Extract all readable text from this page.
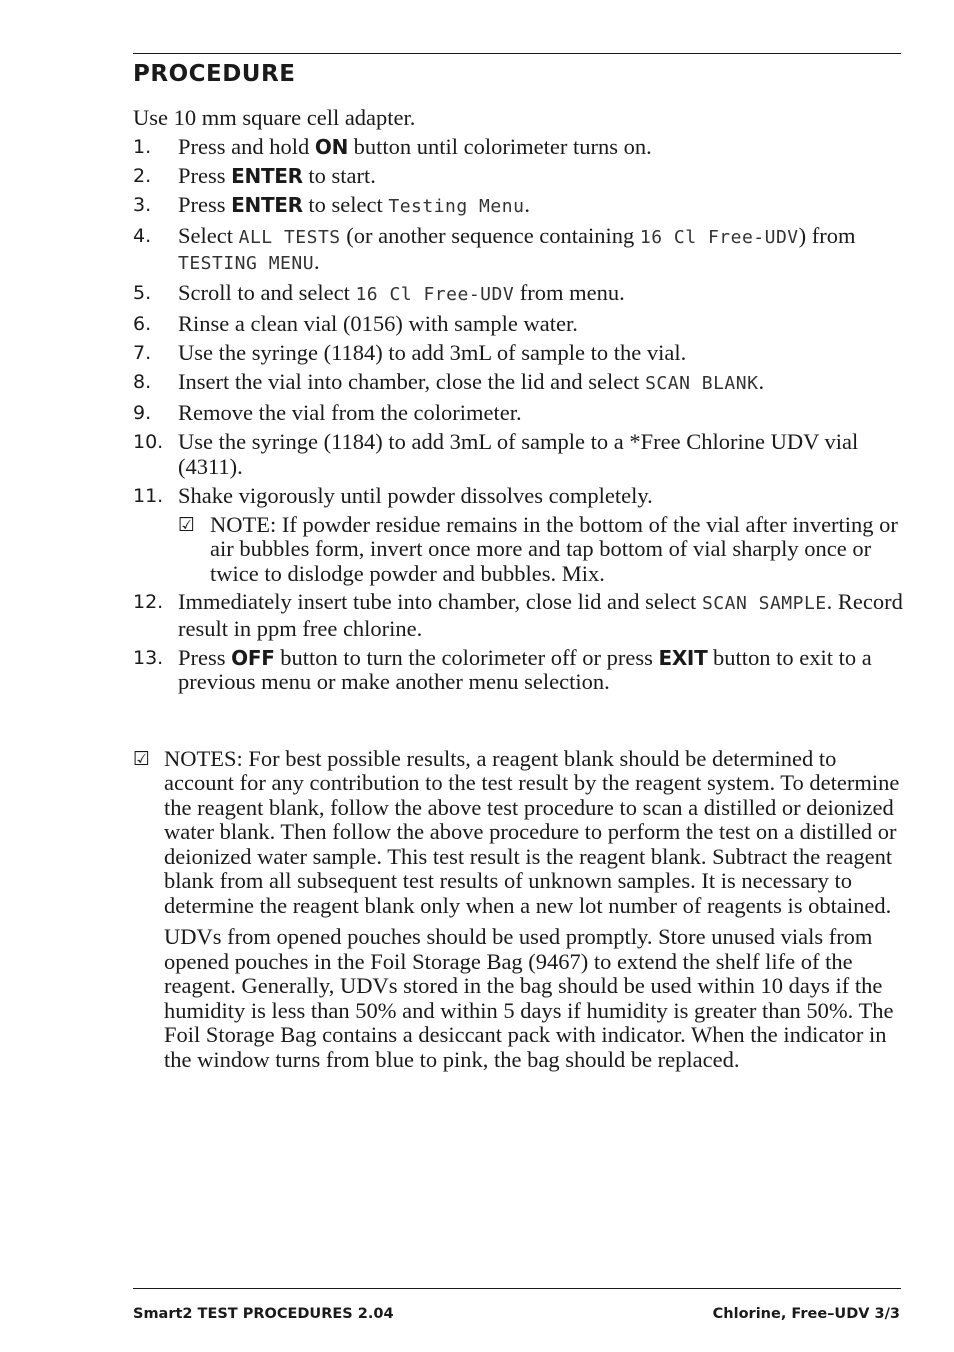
PROCEDURE

Use 10 mm square cell adapter.

1.	Press and hold ON button until colorimeter turns on.
2.	Press ENTER to start.
3.	Press ENTER to select Testing Menu.
4.	Select ALL TESTS (or another sequence containing 16 Cl Free-UDV) from TESTING MENU.
5.	Scroll to and select 16 Cl Free-UDV from menu.
6.	Rinse a clean vial (0156) with sample water.
7.	Use the syringe (1184) to add 3mL of sample to the vial.
8.	Insert the vial into chamber, close the lid and select SCAN BLANK.
9.	Remove the vial from the colorimeter.
10. Use the syringe (1184) to add 3mL of sample to a *Free Chlorine UDV vial (4311).
11. Shake vigorously until powder dissolves completely.
☑ NOTE: If powder residue remains in the bottom of the vial after inverting or air bubbles form, invert once more and tap bottom of vial sharply once or twice to dislodge powder and bubbles. Mix.
12. Immediately insert tube into chamber, close lid and select SCAN SAMPLE. Record result in ppm free chlorine.
13. Press OFF button to turn the colorimeter off or press EXIT button to exit to a previous menu or make another menu selection.
☑ NOTES: For best possible results, a reagent blank should be determined to account for any contribution to the test result by the reagent system. To determine the reagent blank, follow the above test procedure to scan a distilled or deionized water blank. Then follow the above procedure to perform the test on a distilled or deionized water sample. This test result is the reagent blank. Subtract the reagent blank from all subsequent test results of unknown samples. It is necessary to determine the reagent blank only when a new lot number of reagents is obtained.

UDVs from opened pouches should be used promptly. Store unused vials from opened pouches in the Foil Storage Bag (9467) to extend the shelf life of the reagent. Generally, UDVs stored in the bag should be used within 10 days if the humidity is less than 50% and within 5 days if humidity is greater than 50%. The Foil Storage Bag contains a desiccant pack with indicator. When the indicator in the window turns from blue to pink, the bag should be replaced.

Smart2 TEST PROCEDURES 2.04	Chlorine, Free–UDV 3/3
